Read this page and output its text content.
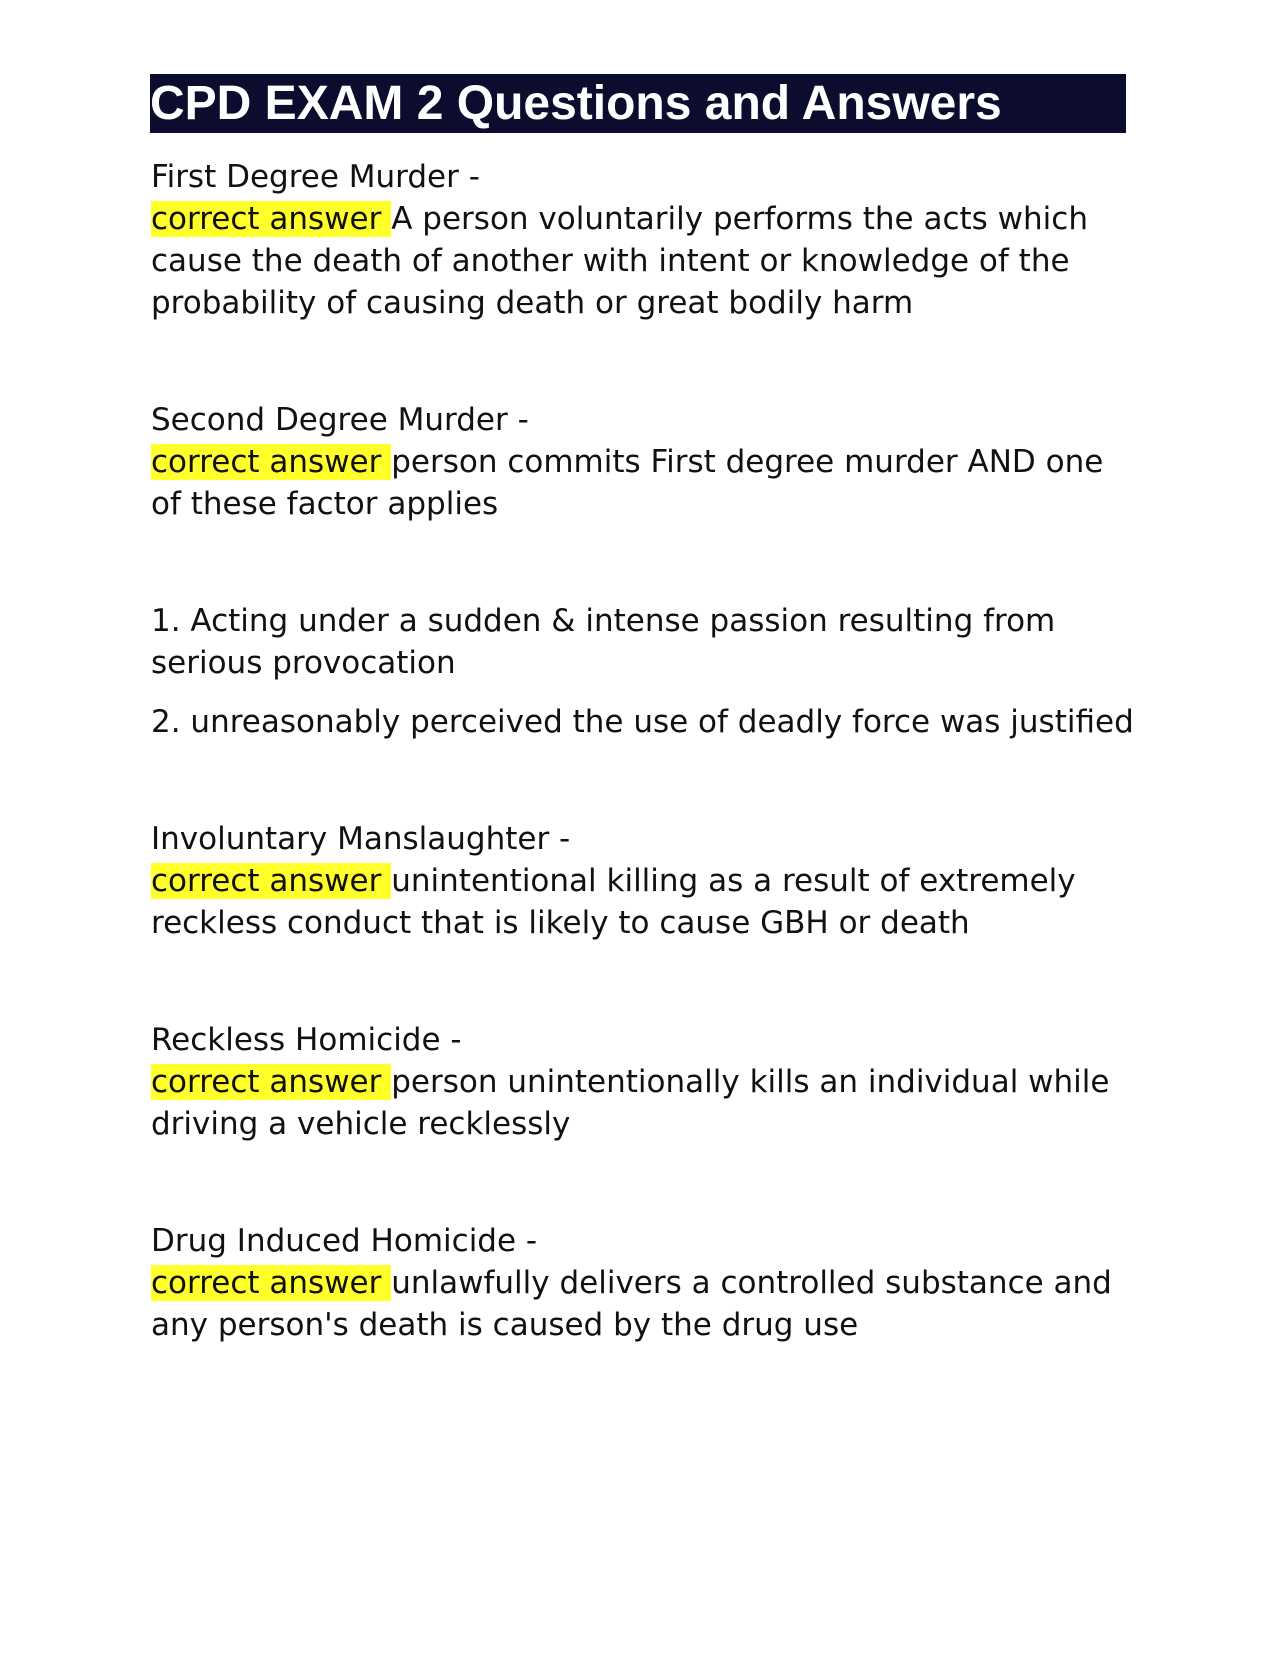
CPD EXAM 2 Questions and Answers
First Degree Murder -
correct answer A person voluntarily performs the acts which cause the death of another with intent or knowledge of the probability of causing death or great bodily harm
Second Degree Murder -
correct answer person commits First degree murder AND one of these factor applies
1. Acting under a sudden & intense passion resulting from serious provocation
2. unreasonably perceived the use of deadly force was justified
Involuntary Manslaughter -
correct answer unintentional killing as a result of extremely reckless conduct that is likely to cause GBH or death
Reckless Homicide -
correct answer person unintentionally kills an individual while driving a vehicle recklessly
Drug Induced Homicide -
correct answer unlawfully delivers a controlled substance and any person's death is caused by the drug use
